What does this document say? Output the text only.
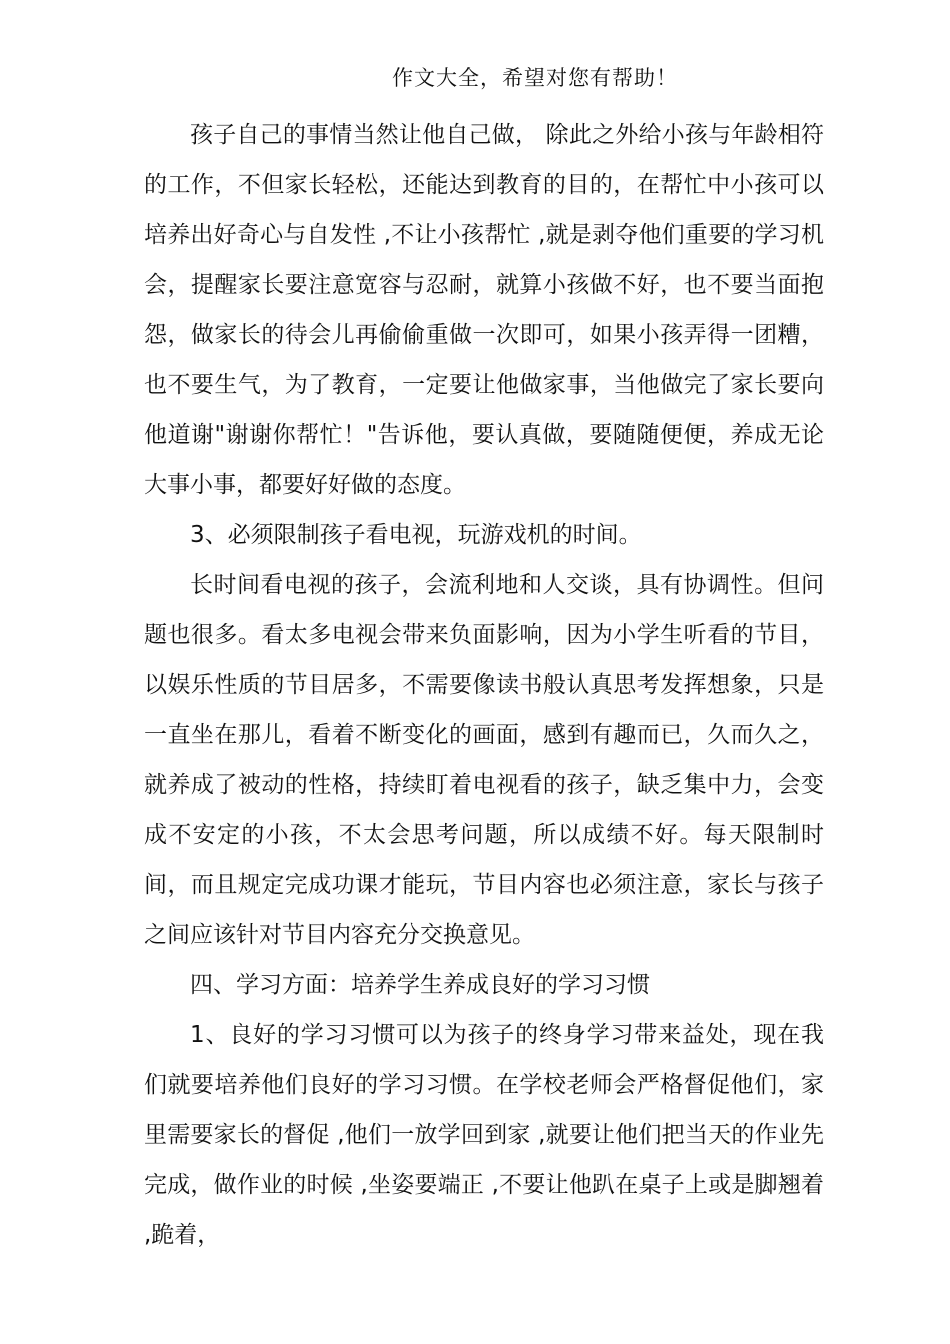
作文大全，希望对您有帮助！

孩子自己的事情当然让他自己做， 除此之外给小孩与年龄相符的工作，不但家长轻松，还能达到教育的目的，在帮忙中小孩可以培养出好奇心与自发性 ,不让小孩帮忙 ,就是剥夺他们重要的学习机会，提醒家长要注意宽容与忍耐，就算小孩做不好，也不要当面抱怨，做家长的待会儿再偷偷重做一次即可，如果小孩弄得一团糟，也不要生气，为了教育，一定要让他做家事，当他做完了家长要向他道谢"谢谢你帮忙！"告诉他，要认真做，要随随便便，养成无论大事小事，都要好好做的态度。

3、必须限制孩子看电视，玩游戏机的时间。

长时间看电视的孩子，会流利地和人交谈，具有协调性。但问题也很多。看太多电视会带来负面影响，因为小学生听看的节目，以娱乐性质的节目居多，不需要像读书般认真思考发挥想象，只是一直坐在那儿，看着不断变化的画面，感到有趣而已，久而久之，就养成了被动的性格，持续盯着电视看的孩子，缺乏集中力，会变成不安定的小孩，不太会思考问题，所以成绩不好。每天限制时间，而且规定完成功课才能玩，节目内容也必须注意，家长与孩子之间应该针对节目内容充分交换意见。

四、学习方面：培养学生养成良好的学习习惯

1、良好的学习习惯可以为孩子的终身学习带来益处，现在我们就要培养他们良好的学习习惯。在学校老师会严格督促他们，家里需要家长的督促 ,他们一放学回到家 ,就要让他们把当天的作业先完成，做作业的时候 ,坐姿要端正 ,不要让他趴在桌子上或是脚翘着 ,跪着，
